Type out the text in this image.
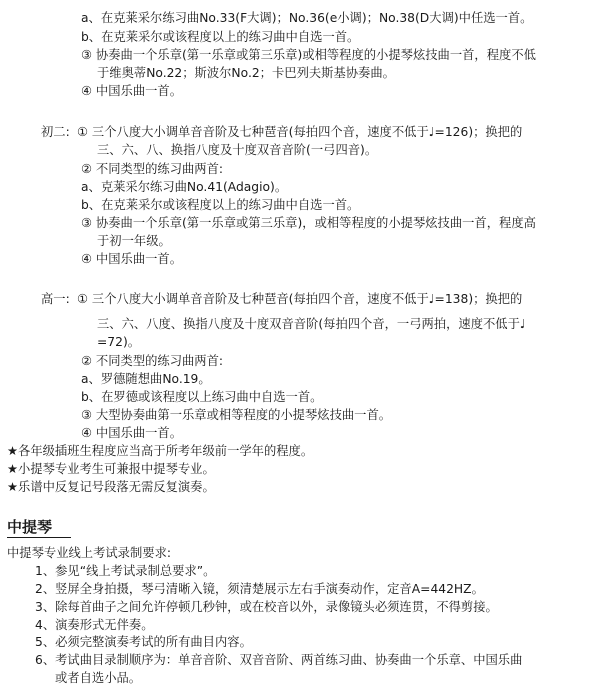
a、在克莱采尔练习曲No.33(F大调)；No.36(e小调)；No.38(D大调)中任选一首。
b、在克莱采尔或该程度以上的练习曲中自选一首。
③ 协奏曲一个乐章(第一乐章或第三乐章)或相等程度的小提琴炫技曲一首，程度不低
于维奥蒂No.22；斯波尔No.2；卡巴列夫斯基协奏曲。
④ 中国乐曲一首。
初二: ① 三个八度大小调单音音阶及七种琶音(每拍四个音，速度不低于♩=126)；换把的
三、六、八、换指八度及十度双音音阶(一弓四音)。
② 不同类型的练习曲两首:
a、克莱采尔练习曲No.41(Adagio)。
b、在克莱采尔或该程度以上的练习曲中自选一首。
③ 协奏曲一个乐章(第一乐章或第三乐章)，或相等程度的小提琴炫技曲一首，程度高
于初一年级。
④ 中国乐曲一首。
高一: ① 三个八度大小调单音音阶及七种琶音(每拍四个音，速度不低于♩=138)；换把的
三、六、八度、换指八度及十度双音音阶(每拍四个音，一弓两拍，速度不低于♩
=72)。
② 不同类型的练习曲两首:
a、罗德随想曲No.19。
b、在罗德或该程度以上练习曲中自选一首。
③ 大型协奏曲第一乐章或相等程度的小提琴炫技曲一首。
④ 中国乐曲一首。
★各年级插班生程度应当高于所考年级前一学年的程度。
★小提琴专业考生可兼报中提琴专业。
★乐谱中反复记号段落无需反复演奏。
中提琴
中提琴专业线上考试录制要求:
1、参见“线上考试录制总要求”。
2、竖屏全身拍摄，琴弓清晰入镜，须清楚展示左右手演奏动作，定音A=442HZ。
3、除每首曲子之间允许停顿几秒钟，或在校音以外，录像镜头必须连贯，不得剪接。
4、演奏形式无伴奏。
5、必须完整演奏考试的所有曲目内容。
6、考试曲目录制顺序为：单音音阶、双音音阶、两首练习曲、协奏曲一个乐章、中国乐曲
或者自选小品。
